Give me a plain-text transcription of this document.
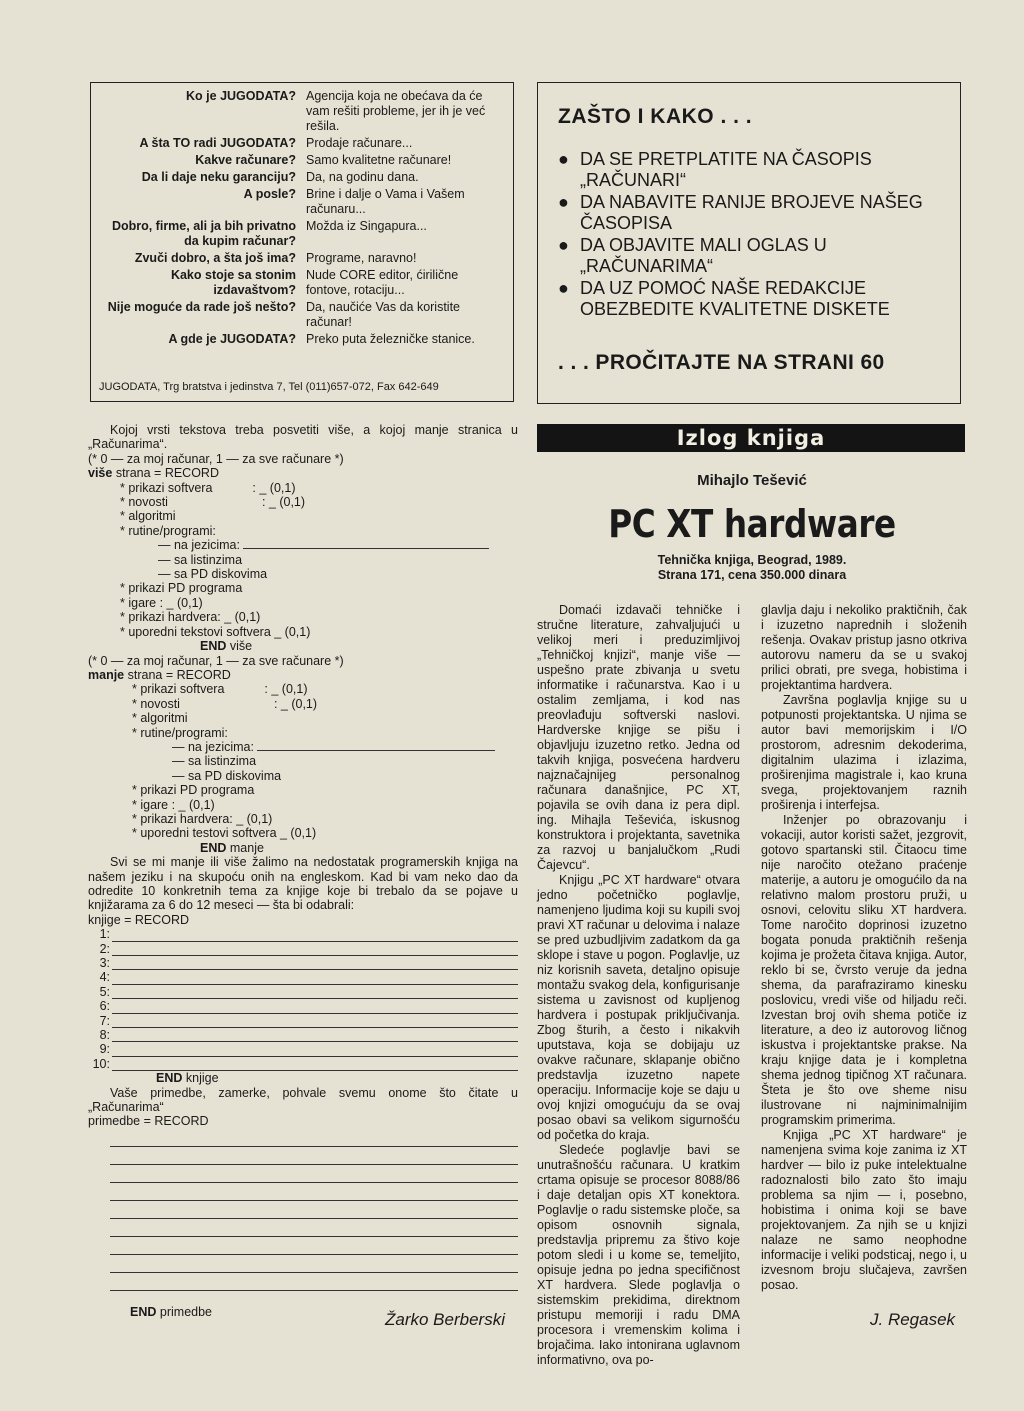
Ko je JUGODATA? Agencija koja ne obećava da će vam rešiti probleme, jer ih je već rešila.
A šta TO radi JUGODATA? Prodaje računare...
Kakve računare? Samo kvalitetne računare!
Da li daje neku garanciju? Da, na godinu dana.
A posle? Brine i dalje o Vama i Vašem računaru...
Dobro, firme, ali ja bih privatno da kupim računar?
Možda iz Singapura...
Zvuči dobro, a šta još ima? Programe, naravno!
Kako stoje sa stonim izdavaštvom?
Nude CORE editor, ćirilične fontove, rotaciju...
Nije moguće da rade još nešto? Da, naučiće Vas da koristite računar!
A gde je JUGODATA? Preko puta železničke stanice.
JUGODATA, Trg bratstva i jedinstva 7, Tel (011)657-072, Fax 642-649
ZAŠTO I KAKO . . .
● DA SE PRETPLATITE NA ČASOPIS „RAČUNARI“
● DA NABAVITE RANIJE BROJEVE NAŠEG ČASOPISA
● DA OBJAVITE MALI OGLAS U „RAČUNARIMA“
● DA UZ POMOĆ NAŠE REDAKCIJE OBEZBEDITE KVALITETNE DISKETE
. . . PROČITAJTE NA STRANI 60
Kojoj vrsti tekstova treba posvetiti više, a kojoj manje stranica u „Računarima“.
(* 0 — za moj računar, 1 — za sve računare *)
više strana = RECORD
* prikazi softvera	: _ (0,1)
* novosti	: _ (0,1)
* algoritmi
* rutine/programi:
— na jezicima:
— sa listinzima
— sa PD diskovima
* prikazi PD programa
* igare : _ (0,1)
* prikazi hardvera: _ (0,1)
* uporedni tekstovi softvera _ (0,1)
END više
(* 0 — za moj računar, 1 — za sve računare *)
manje strana = RECORD
* prikazi softvera	: _ (0,1)
* novosti	: _ (0,1)
* algoritmi
* rutine/programi:
— na jezicima:
— sa listinzima
— sa PD diskovima
* prikazi PD programa
* igare : _ (0,1)
* prikazi hardvera: _ (0,1)
* uporedni testovi softvera _ (0,1)
END manje
Svi se mi manje ili više žalimo na nedostatak programerskih knjiga na našem jeziku i na skupoću onih na engleskom. Kad bi vam neko dao da odredite 10 konkretnih tema za knjige koje bi trebalo da se pojave u knjižarama za 6 do 12 meseci — šta bi odabrali:
knjige = RECORD
1:
2:
3:
4:
5:
6:
7:
8:
9:
10:
END knjige
Vaše primedbe, zamerke, pohvale svemu onome što čitate u „Računarima“
primedbe = RECORD
END primedbe	Žarko Berberski
Izlog knjiga
Mihajlo Tešević
PC XT hardware
Tehnička knjiga, Beograd, 1989.
Strana 171, cena 350.000 dinara

Domaći izdavači tehničke i stručne literature, zahvaljujući u velikoj meri i preduzimljivoj „Tehničkoj knjizi“, manje više — uspešno prate zbivanja u svetu informatike i računarstva. Kao i u ostalim zemljama, i kod nas preovlađuju softverski naslovi. Hardverske knjige se pišu i objavljuju izuzetno retko. Jedna od takvih knjiga, posvećena hardveru najznačajnijeg personalnog računara današnjice, PC XT, pojavila se ovih dana iz pera dipl. ing. Mihajla Teševića, iskusnog konstruktora i projektanta, savetnika za razvoj u banjalučkom „Rudi Čajevcu“.

Knjigu „PC XT hardware“ otvara jedno početničko poglavlje, namenjeno ljudima koji su kupili svoj pravi XT računar u delovima i nalaze se pred uzbudljivim zadatkom da ga sklope i stave u pogon. Poglavlje, uz niz korisnih saveta, detaljno opisuje montažu svakog dela, konfigurisanje sistema u zavisnost od kupljenog hardvera i postupak priključivanja. Zbog šturih, a često i nikakvih uputstava, koja se dobijaju uz ovakve računare, sklapanje obično predstavlja izuzetno napete operaciju. Informacije koje se daju u ovoj knjizi omogućuju da se ovaj posao obavi sa velikom sigurnošću od početka do kraja.

Sledeće poglavlje bavi se unutrašnošću računara. U kratkim crtama opisuje se procesor 8088/86 i daje detaljan opis XT konektora. Poglavlje o radu sistemske ploče, sa opisom osnovnih signala, predstavlja pripremu za štivo koje potom sledi i u kome se, temeljito, opisuje jedna po jedna specifičnost XT hardvera. Slede poglavlja o sistemskim prekidima, direktnom pristupu memoriji i radu DMA procesora i vremenskim kolima i brojačima. Iako intonirana uglavnom informativno, ova po-

glavlja daju i nekoliko praktičnih, čak i izuzetno naprednih i složenih rešenja. Ovakav pristup jasno otkriva autorovu nameru da se u svakoj prilici obrati, pre svega, hobistima i projektantima hardvera.

Završna poglavlja knjige su u potpunosti projektantska. U njima se autor bavi memorijskim i I/O prostorom, adresnim dekoderima, digitalnim ulazima i izlazima, proširenjima magistrale i, kao kruna svega, projektovanjem raznih proširenja i interfejsa.

Inženjer po obrazovanju i vokaciji, autor koristi sažet, jezgrovit, gotovo spartanski stil. Čitaocu time nije naročito otežano praćenje materije, a autoru je omogućilo da na relativno malom prostoru pruži, u osnovi, celovitu sliku XT hardvera. Tome naročito doprinosi izuzetno bogata ponuda praktičnih rešenja kojima je prožeta čitava knjiga. Autor, reklo bi se, čvrsto veruje da jedna shema, da parafraziramo kinesku poslovicu, vredi više od hiljadu reči. Izvestan broj ovih shema potiče iz literature, a deo iz autorovog ličnog iskustva i projektantske prakse. Na kraju knjige data je i kompletna shema jednog tipičnog XT računara. Šteta je što ove sheme nisu ilustrovane ni najminimalnijim programskim primerima.

Knjiga „PC XT hardware“ je namenjena svima koje zanima iz XT hardver — bilo iz puke intelektualne radoznalosti bilo zato što imaju problema sa njim — i, posebno, hobistima i onima koji se bave projektovanjem. Za njih se u knjizi nalaze ne samo neophodne informacije i veliki podsticaj, nego i, u izvesnom broju slučajeva, završen posao.

J. Regasek
